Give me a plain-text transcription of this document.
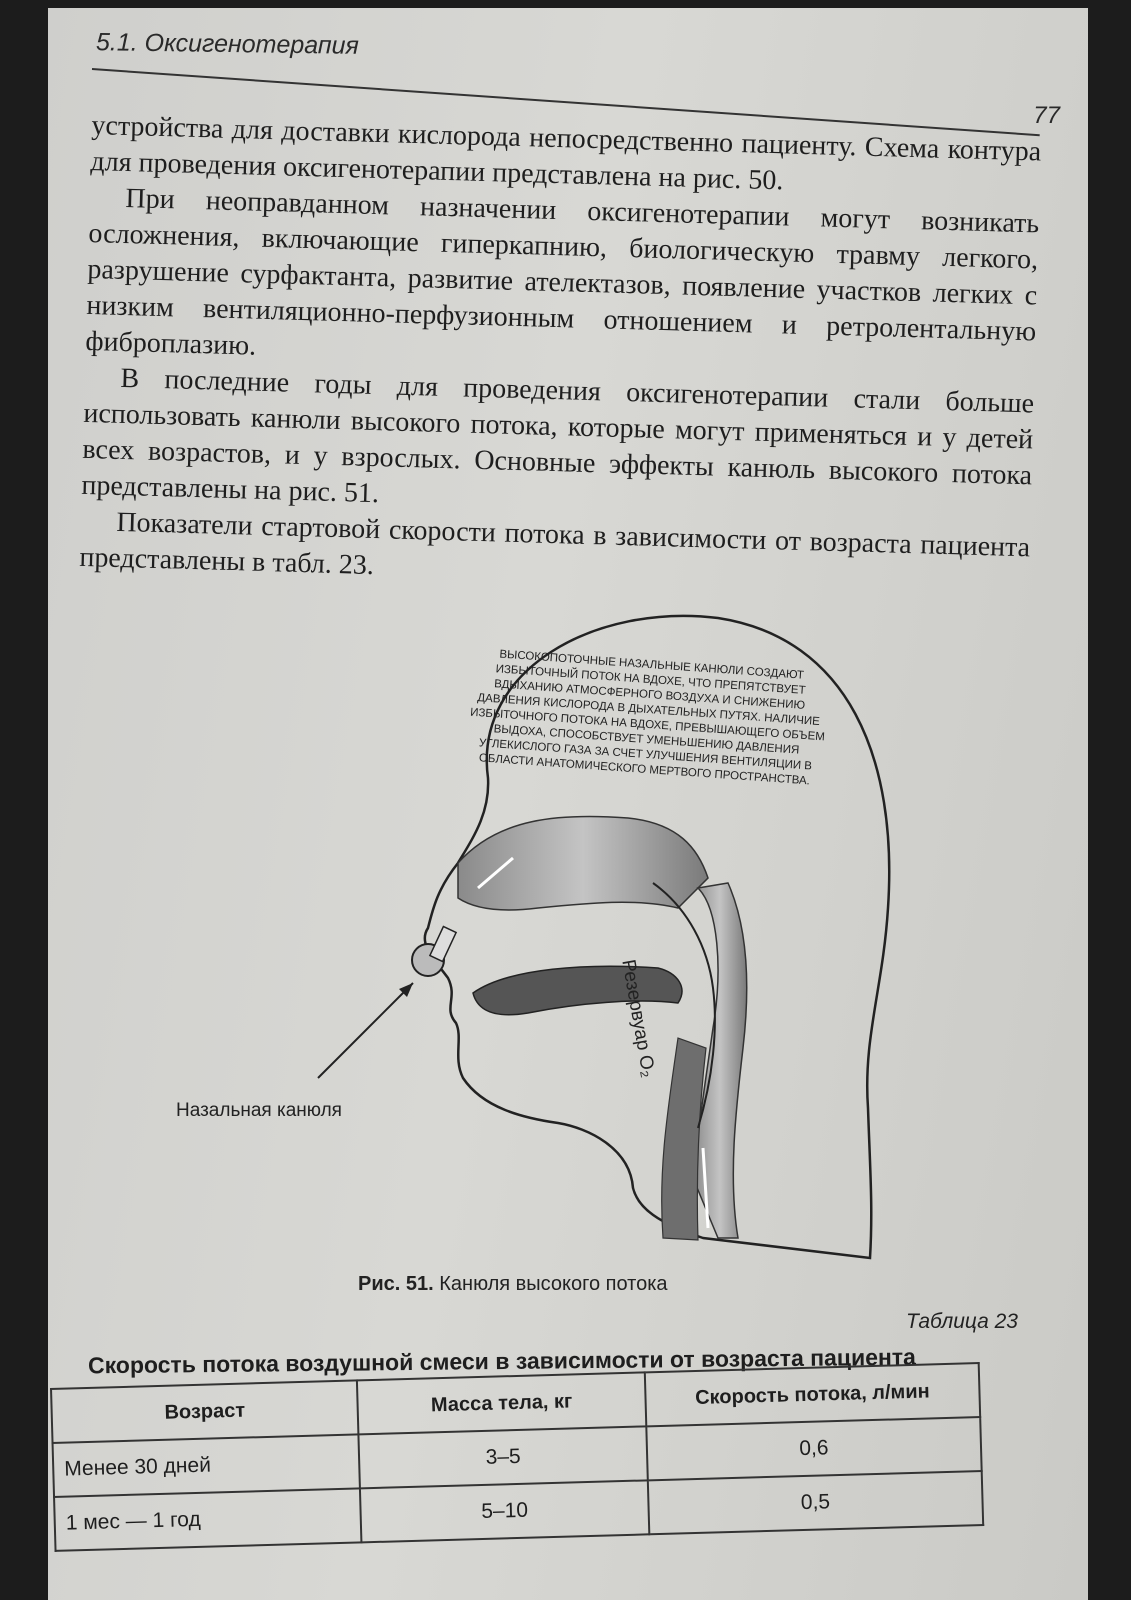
5.1. Оксигенотерапия
77

устройства для доставки кислорода непосредственно пациенту. Схема контура для проведения оксигенотерапии представлена на рис. 50.

При неоправданном назначении оксигенотерапии могут возникать осложнения, включающие гиперкапнию, биологическую травму легкого, разрушение сурфактанта, развитие ателектазов, появление участков легких с низким вентиляционно-перфузионным отношением и ретролентальную фиброплазию.

В последние годы для проведения оксигенотерапии стали больше использовать канюли высокого потока, которые могут применяться и у детей всех возрастов, и у взрослых. Основные эффекты канюль высокого потока представлены на рис. 51.

Показатели стартовой скорости потока в зависимости от возраста пациента представлены в табл. 23.

ВЫСОКОПОТОЧНЫЕ НАЗАЛЬНЫЕ КАНЮЛИ СОЗДАЮТ ИЗБЫТОЧНЫЙ ПОТОК НА ВДОХЕ, ЧТО ПРЕПЯТСТВУЕТ ВДЫХАНИЮ АТМОСФЕРНОГО ВОЗДУХА И СНИЖЕНИЮ ДАВЛЕНИЯ КИСЛОРОДА В ДЫХАТЕЛЬНЫХ ПУТЯХ. НАЛИЧИЕ ИЗБЫТОЧНОГО ПОТОКА НА ВДОХЕ, ПРЕВЫШАЮЩЕГО ОБЪЕМ ВЫДОХА, СПОСОБСТВУЕТ УМЕНЬШЕНИЮ ДАВЛЕНИЯ УГЛЕКИСЛОГО ГАЗА ЗА СЧЕТ УЛУЧШЕНИЯ ВЕНТИЛЯЦИИ В ОБЛАСТИ АНАТОМИЧЕСКОГО МЕРТВОГО ПРОСТРАНСТВА.
Назальная канюля
Резервуар O₂
Рис. 51. Канюля высокого потока
Таблица 23
Скорость потока воздушной смеси в зависимости от возраста пациента
Возраст	Масса тела, кг	Скорость потока, л/мин
Менее 30 дней	3–5	0,6
1 мес — 1 год	5–10	0,5
